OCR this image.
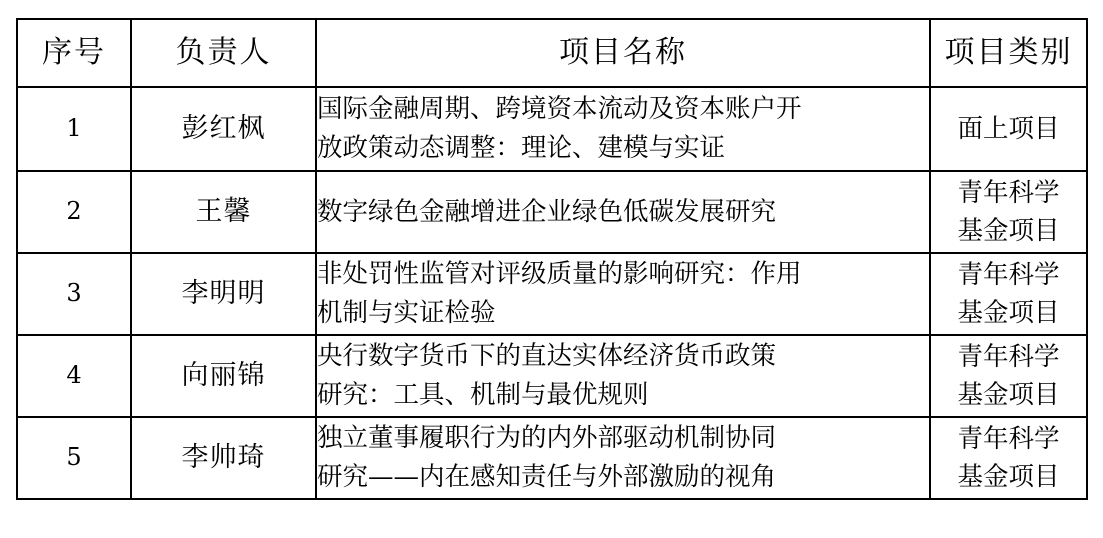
序号	负责人	项目名称	项目类别
1	彭红枫	国际金融周期、跨境资本流动及资本账户开
放政策动态调整：理论、建模与实证	面上项目

2	王馨	数字绿色金融增进企业绿色低碳发展研究	青年科学
基金项目

3	李明明	非处罚性监管对评级质量的影响研究：作用
机制与实证检验	青年科学
基金项目

4	向丽锦	央行数字货币下的直达实体经济货币政策
研究：工具、机制与最优规则	青年科学
基金项目

5	李帅琦	独立董事履职行为的内外部驱动机制协同
研究——内在感知责任与外部激励的视角	青年科学
基金项目
